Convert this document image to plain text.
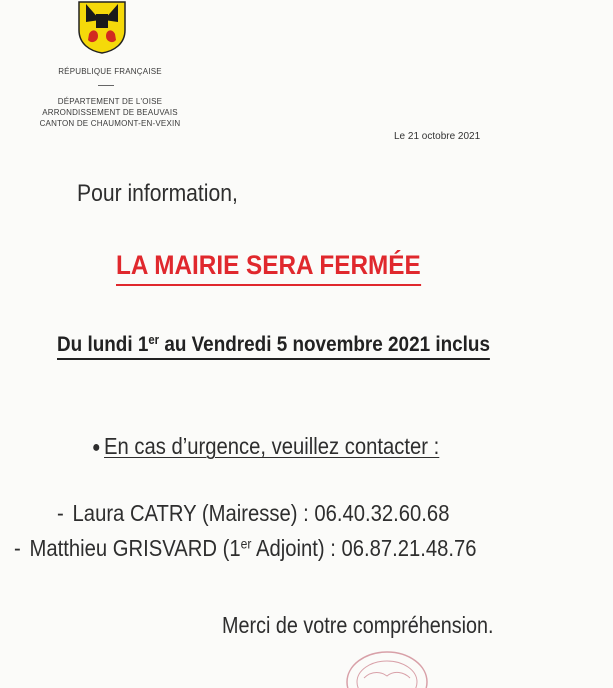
RÉPUBLIQUE FRANÇAISE
DÉPARTEMENT DE L'OISE
ARRONDISSEMENT DE BEAUVAIS
CANTON DE CHAUMONT-EN-VEXIN
Le 21 octobre 2021
Pour information,
LA MAIRIE SERA FERMÉE
Du lundi 1er au Vendredi 5 novembre 2021 inclus
● En cas d’urgence, veuillez contacter :
- Laura CATRY (Mairesse) : 06.40.32.60.68
- Matthieu GRISVARD (1er Adjoint) : 06.87.21.48.76
Merci de votre compréhension.
